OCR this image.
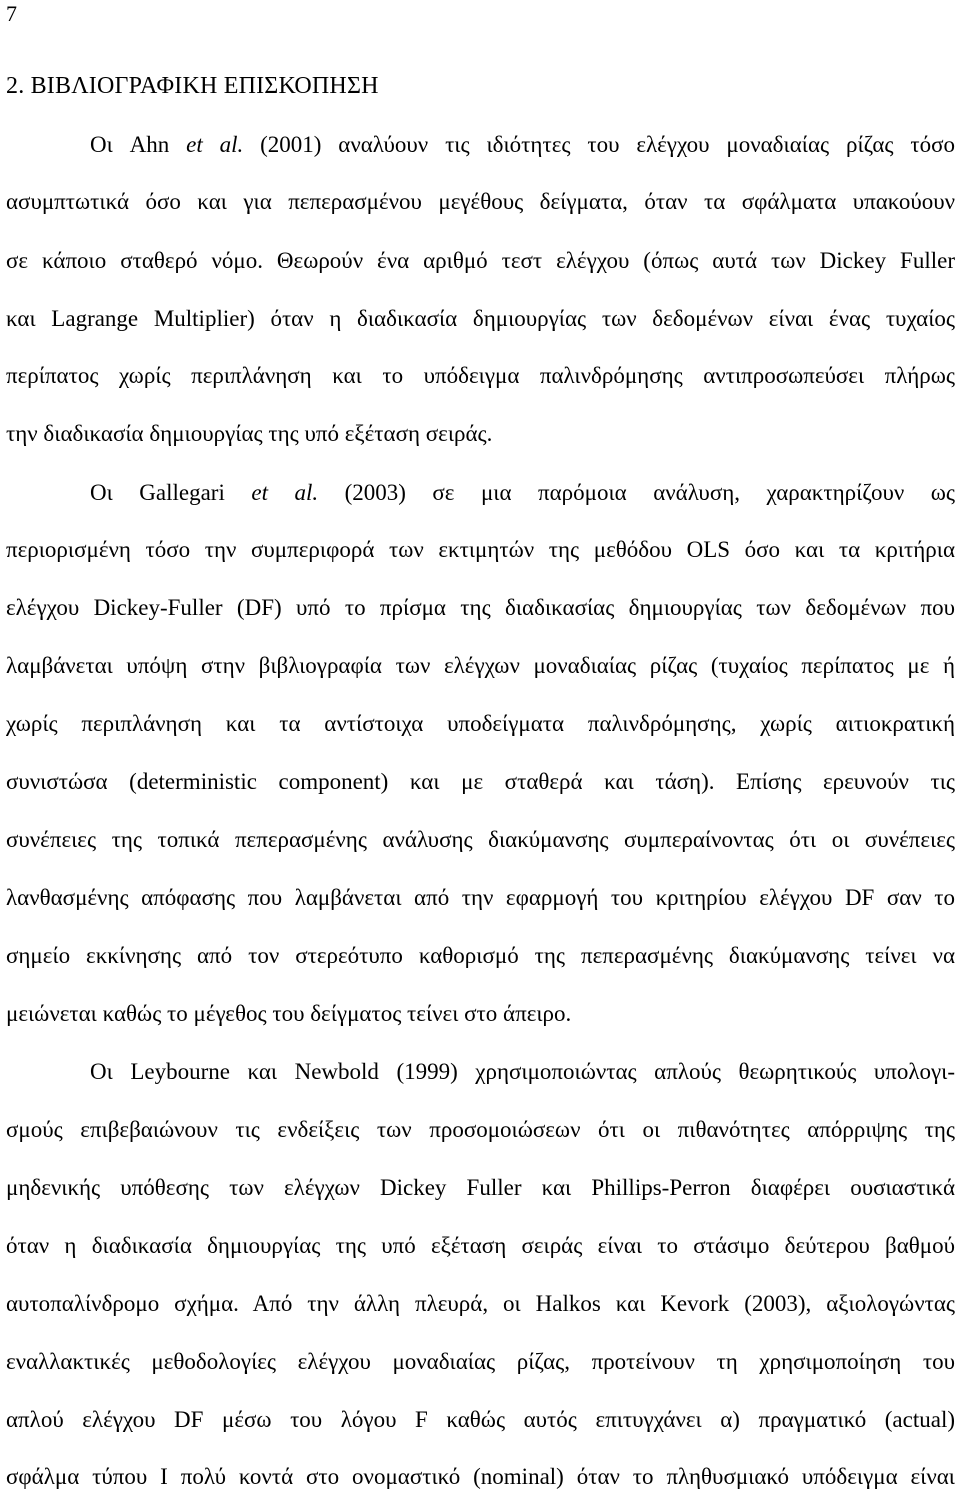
7
2. ΒΙΒΛΙΟΓΡΑΦΙΚΗ ΕΠΙΣΚΟΠΗΣΗ
Οι Ahn et al. (2001) αναλύουν τις ιδιότητες του ελέγχου μοναδιαίας ρίζας τόσο
ασυμπτωτικά όσο και για πεπερασμένου μεγέθους δείγματα, όταν τα σφάλματα υπακούουν
σε κάποιο σταθερό νόμο. Θεωρούν ένα αριθμό τεστ ελέγχου (όπως αυτά των Dickey Fuller
και Lagrange Multiplier) όταν η διαδικασία δημιουργίας των δεδομένων είναι ένας τυχαίος
περίπατος χωρίς περιπλάνηση και το υπόδειγμα παλινδρόμησης αντιπροσωπεύσει πλήρως
την διαδικασία δημιουργίας της υπό εξέταση σειράς.
Οι Gallegari et al. (2003) σε μια παρόμοια ανάλυση, χαρακτηρίζουν ως
περιορισμένη τόσο την συμπεριφορά των εκτιμητών της μεθόδου OLS όσο και τα κριτήρια
ελέγχου Dickey-Fuller (DF) υπό το πρίσμα της διαδικασίας δημιουργίας των δεδομένων που
λαμβάνεται υπόψη στην βιβλιογραφία των ελέγχων μοναδιαίας ρίζας (τυχαίος περίπατος με ή
χωρίς περιπλάνηση και τα αντίστοιχα υποδείγματα παλινδρόμησης, χωρίς αιτιοκρατική
συνιστώσα (deterministic component) και με σταθερά και τάση). Επίσης ερευνούν τις
συνέπειες της τοπικά πεπερασμένης ανάλυσης διακύμανσης συμπεραίνοντας ότι οι συνέπειες
λανθασμένης απόφασης που λαμβάνεται από την εφαρμογή του κριτηρίου ελέγχου DF σαν το
σημείο εκκίνησης από τον στερεότυπο καθορισμό της πεπερασμένης διακύμανσης τείνει να
μειώνεται καθώς το μέγεθος του δείγματος τείνει στο άπειρο.
Οι Leybourne και Newbold (1999) χρησιμοποιώντας απλούς θεωρητικούς υπολογι-
σμούς επιβεβαιώνουν τις ενδείξεις των προσομοιώσεων ότι οι πιθανότητες απόρριψης της
μηδενικής υπόθεσης των ελέγχων Dickey Fuller και Phillips-Perron διαφέρει ουσιαστικά
όταν η διαδικασία δημιουργίας της υπό εξέταση σειράς είναι το στάσιμο δεύτερου βαθμού
αυτοπαλίνδρομο σχήμα. Από την άλλη πλευρά, οι Halkos και Kevork (2003), αξιολογώντας
εναλλακτικές μεθοδολογίες ελέγχου μοναδιαίας ρίζας, προτείνουν τη χρησιμοποίηση του
απλού ελέγχου DF μέσω του λόγου F καθώς αυτός επιτυγχάνει α) πραγματικό (actual)
σφάλμα τύπου Ι πολύ κοντά στο ονομαστικό (nominal) όταν το πληθυσμιακό υπόδειγμα είναι
